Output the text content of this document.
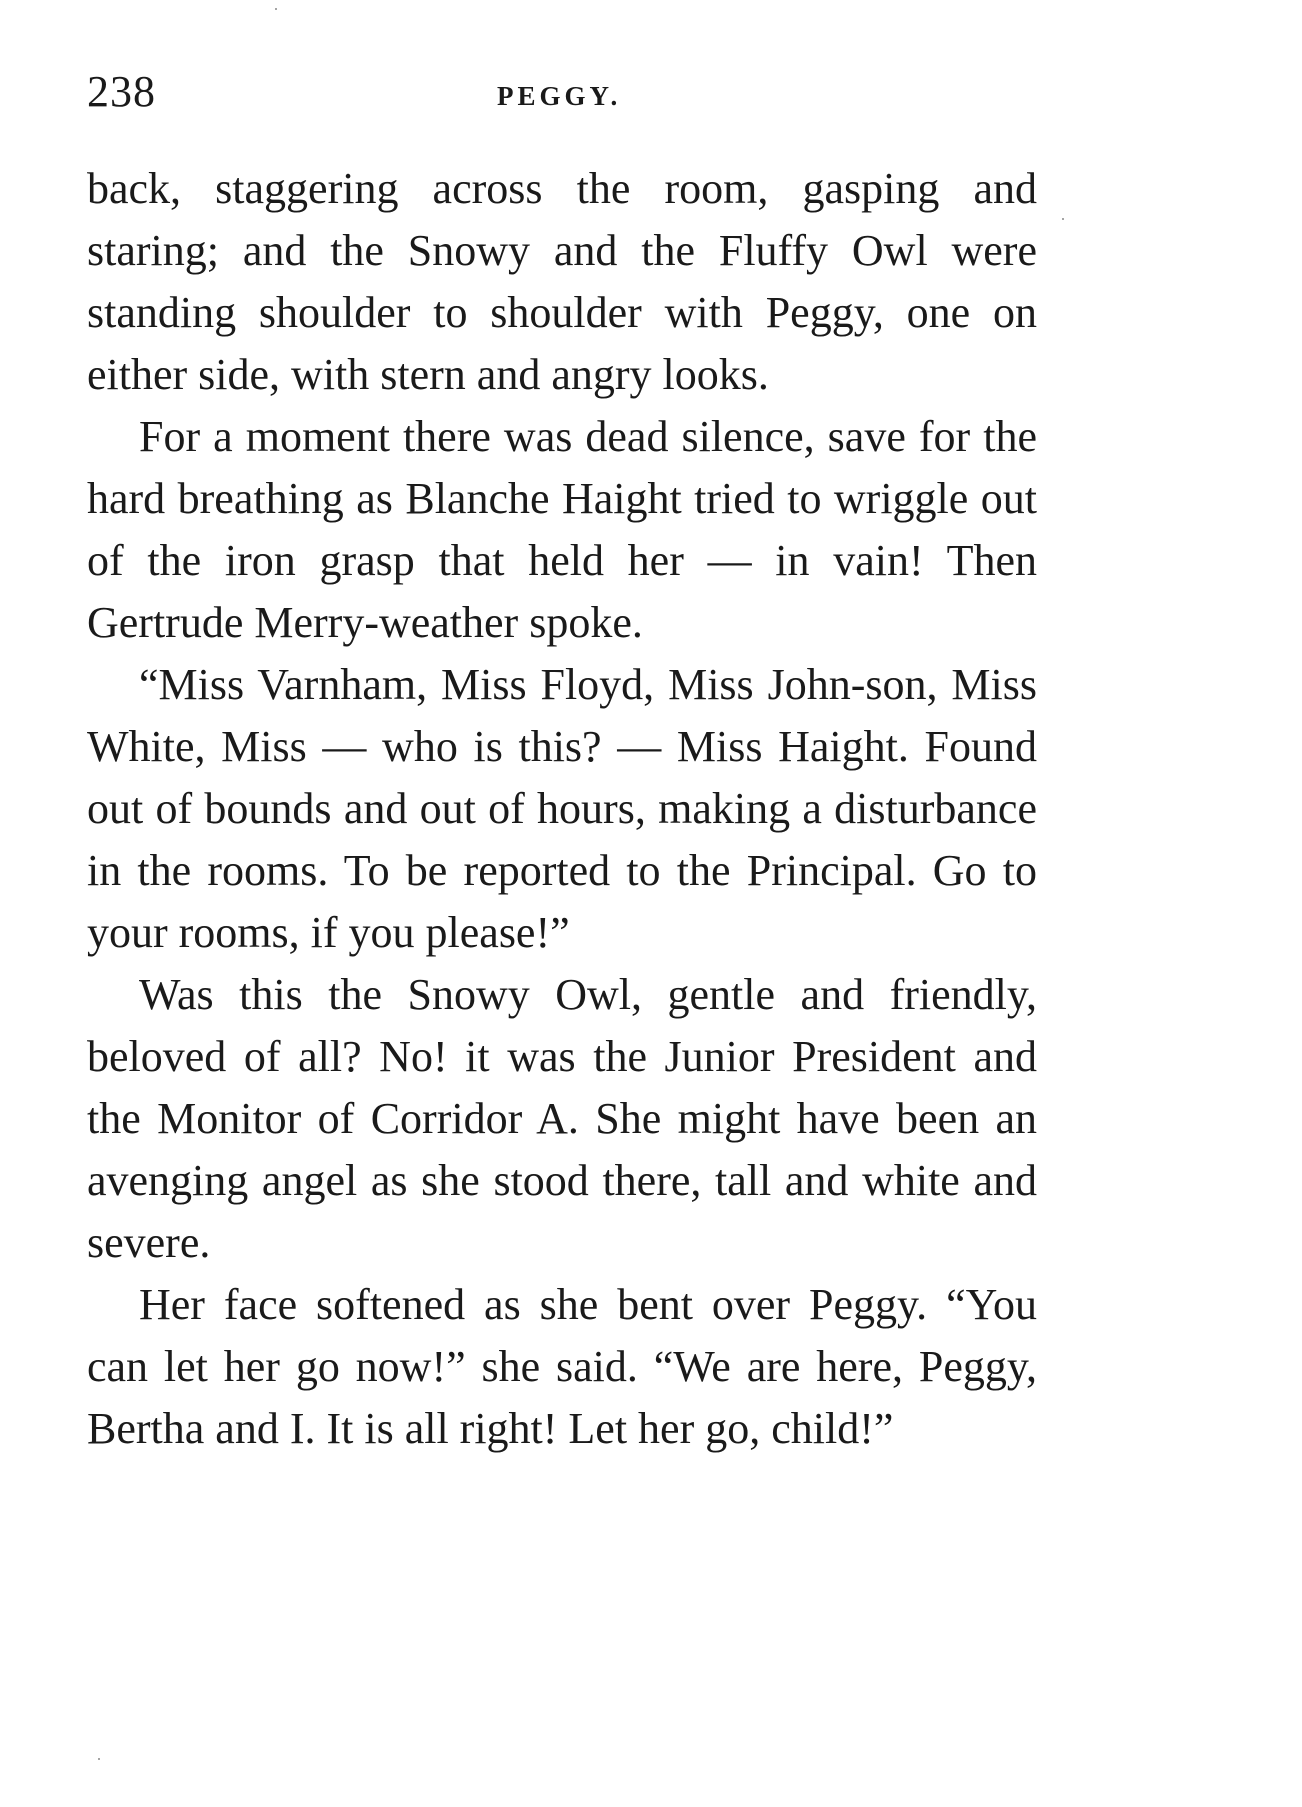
238	PEGGY.

back, staggering across the room, gasping and staring; and the Snowy and the Fluffy Owl were standing shoulder to shoulder with Peggy, one on either side, with stern and angry looks.

For a moment there was dead silence, save for the hard breathing as Blanche Haight tried to wriggle out of the iron grasp that held her — in vain! Then Gertrude Merry-weather spoke.

“Miss Varnham, Miss Floyd, Miss John-son, Miss White, Miss — who is this? — Miss Haight. Found out of bounds and out of hours, making a disturbance in the rooms. To be reported to the Principal. Go to your rooms, if you please!”

Was this the Snowy Owl, gentle and friendly, beloved of all? No! it was the Junior President and the Monitor of Corridor A. She might have been an avenging angel as she stood there, tall and white and severe.

Her face softened as she bent over Peggy. “You can let her go now!” she said. “We are here, Peggy, Bertha and I. It is all right! Let her go, child!”
